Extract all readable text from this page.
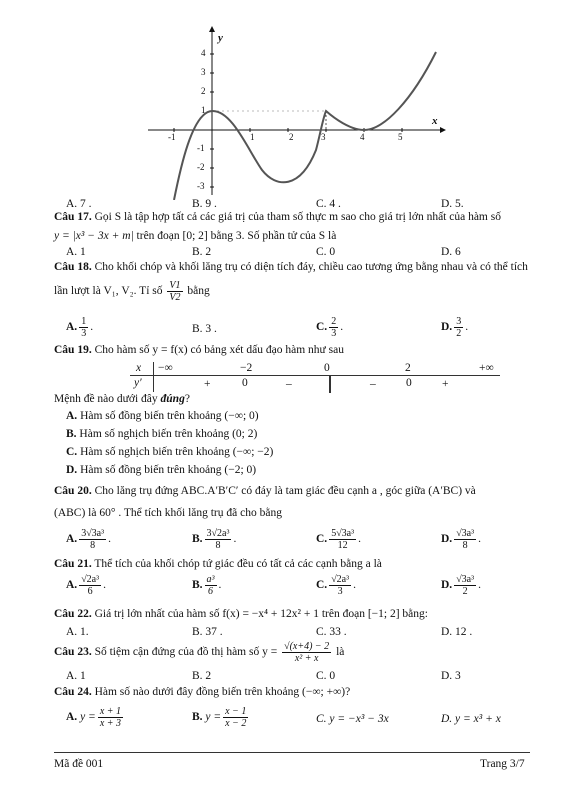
y
x
-1	1	2	3	4	5
4
3
2
1
-1
-2
-3
A. 7 .	B. 9 .	C. 4 .	D. 5.
Câu 17. Gọi S là tập hợp tất cả các giá trị của tham số thực m sao cho giá trị lớn nhất của hàm số
y = |x³ − 3x + m| trên đoạn [0; 2] bằng 3. Số phần tử của S là
A. 1	B. 2	C. 0	D. 6
Câu 18. Cho khối chóp và khối lăng trụ có diện tích đáy, chiều cao tương ứng bằng nhau và có thể tích
lần lượt là V₁, V₂. Tỉ số $\frac{V1}{V2}$ bằng
A. $\frac{1}{3}$ .	B. 3 .	C. $\frac{2}{3}$ .	D. $\frac{3}{2}$ .
Câu 19. Cho hàm số y = f(x) có bảng xét dấu đạo hàm như sau
x −∞	−2	0	2	+∞
y′	+	0	–	–	0	+
Mệnh đề nào dưới đây đúng?
A. Hàm số đồng biến trên khoảng (−∞; 0)
B. Hàm số nghịch biến trên khoảng (0; 2)
C. Hàm số nghịch biến trên khoảng (−∞; −2)
D. Hàm số đồng biến trên khoảng (−2; 0)
Câu 20. Cho lăng trụ đứng ABC.A′B′C′ có đáy là tam giác đều cạnh a , góc giữa (A′BC) và
(ABC) là 60° . Thể tích khối lăng trụ đã cho bằng
A. $\frac{\text{3√3a³}}{8}$ .	B. $\frac{\text{3√2a³}}{8}$ .	C. $\frac{\text{5√3a³}}{12}$ .	D. $\frac{\text{√3a³}}{8}$ .
Câu 21. Thể tích của khối chóp tứ giác đều có tất cả các cạnh bằng a là
A. $\frac{\text{√2a³}}{6}$ .	B. $\frac{\text{a³}}{6}$ .	C. $\frac{\text{√2a³}}{3}$ .	D. $\frac{\text{√3a³}}{2}$ .
Câu 22. Giá trị lớn nhất của hàm số f(x) = −x⁴ + 12x² + 1 trên đoạn [−1; 2] bằng:
A. 1.	B. 37 .	C. 33 .	D. 12 .
Câu 23. Số tiệm cận đứng của đồ thị hàm số $y = \frac{√(x+4) - 2}{\text{x² + x}}$ là
A. 1	B. 2	C. 0	D. 3
Câu 24. Hàm số nào dưới đây đồng biến trên khoảng (−∞; +∞)?
A. $y = \frac{x + 1}{x + 3}$	B. $y = \frac{x - 1}{x - 2}$	C. y = −x³ − 3x	D. y = x³ + x
Mã đề 001	Trang 3/7
